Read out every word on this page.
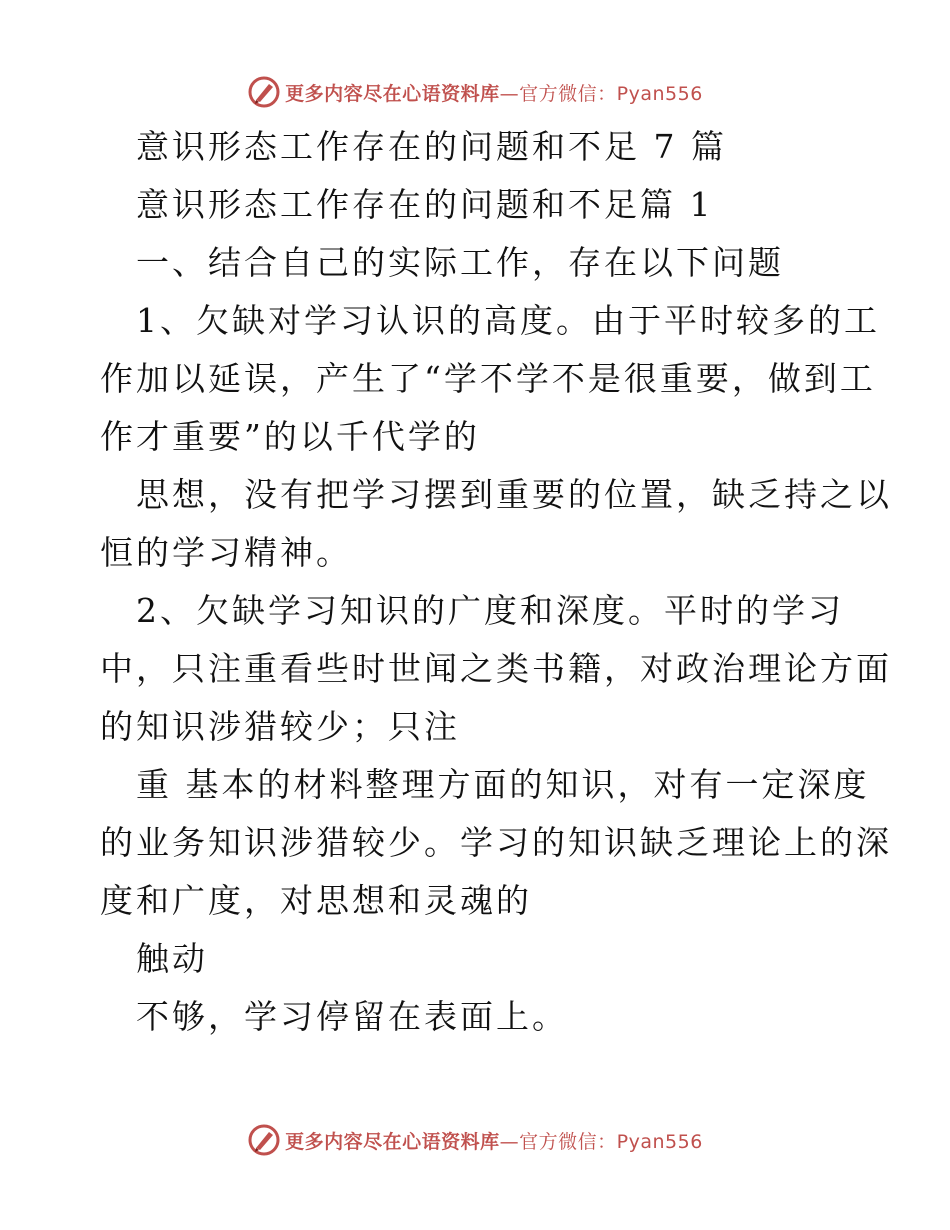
更多内容尽在心语资料库—官方微信：Pyan556
意识形态工作存在的问题和不足 7 篇
意识形态工作存在的问题和不足篇 1
一、结合自己的实际工作，存在以下问题
1、欠缺对学习认识的高度。由于平时较多的工
作加以延误，产生了“学不学不是很重要，做到工
作才重要”的以千代学的
思想，没有把学习摆到重要的位置，缺乏持之以
恒的学习精神。
2、欠缺学习知识的广度和深度。平时的学习
中，只注重看些时世闻之类书籍，对政治理论方面
的知识涉猎较少；只注
重 基本的材料整理方面的知识，对有一定深度
的业务知识涉猎较少。学习的知识缺乏理论上的深
度和广度，对思想和灵魂的
触动
不够，学习停留在表面上。
更多内容尽在心语资料库—官方微信：Pyan556
